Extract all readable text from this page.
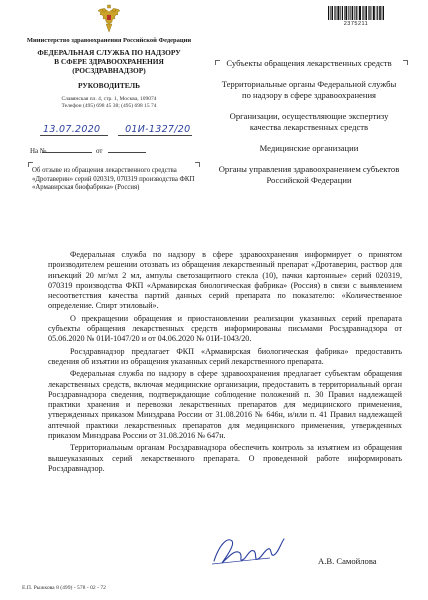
2375211
Министерство здравоохранения Российской Федерации
ФЕДЕРАЛЬНАЯ СЛУЖБА ПО НАДЗОРУ
В СФЕРЕ ЗДРАВООХРАНЕНИЯ
(РОСЗДРАВНАДЗОР)
РУКОВОДИТЕЛЬ
Славянская пл. 4, стр. 1, Москва, 109074
Телефон (495) 698 45 38; (495) 698 15 74
13.07.2020	01И-1327/20
На №	от
Об отзыве из обращения лекарственного средства «Дротаверин» серий 020319, 070319 производства ФКП «Армавирская биофабрика» (Россия)
Субъекты обращения лекарственных средств
Территориальные органы Федеральной службы по надзору в сфере здравоохранения
Организации, осуществляющие экспертизу качества лекарственных средств
Медицинские организации
Органы управления здравоохранением субъектов Российской Федерации

Федеральная служба по надзору в сфере здравоохранения информирует о принятом производителем решении отозвать из обращения лекарственный препарат «Дротаверин, раствор для инъекций 20 мг/мл 2 мл, ампулы светозащитного стекла (10), пачки картонные» серий 020319, 070319 производства ФКП «Армавирская биологическая фабрика» (Россия) в связи с выявлением несоответствия качества партий данных серий препарата по показателю: «Количественное определение. Спирт этиловый».

О прекращении обращения и приостановлении реализации указанных серий препарата субъекты обращения лекарственных средств информированы письмами Росздравнадзора от 05.06.2020 № 01И-1047/20 и от 04.06.2020 № 01И-1043/20.

Росздравнадзор предлагает ФКП «Армавирская биологическая фабрика» предоставить сведения об изъятии из обращения указанных серий лекарственного препарата.

Федеральная служба по надзору в сфере здравоохранения предлагает субъектам обращения лекарственных средств, включая медицинские организации, предоставить в территориальный орган Росздравнадзора сведения, подтверждающие соблюдение положений п. 30 Правил надлежащей практики хранения и перевозки лекарственных препаратов для медицинского применения, утвержденных приказом Минздрава России от 31.08.2016 № 646н, и/или п. 41 Правил надлежащей аптечной практики лекарственных препаратов для медицинского применения, утвержденных приказом Минздрава России от 31.08.2016 № 647н.

Территориальным органам Росздравнадзора обеспечить контроль за изъятием из обращения вышеуказанных серий лекарственного препарата. О проведенной работе информировать Росздравнадзор.

А.В. Самойлова
Е.П. Рыжкова 8 (499) - 578 - 02 - 72
